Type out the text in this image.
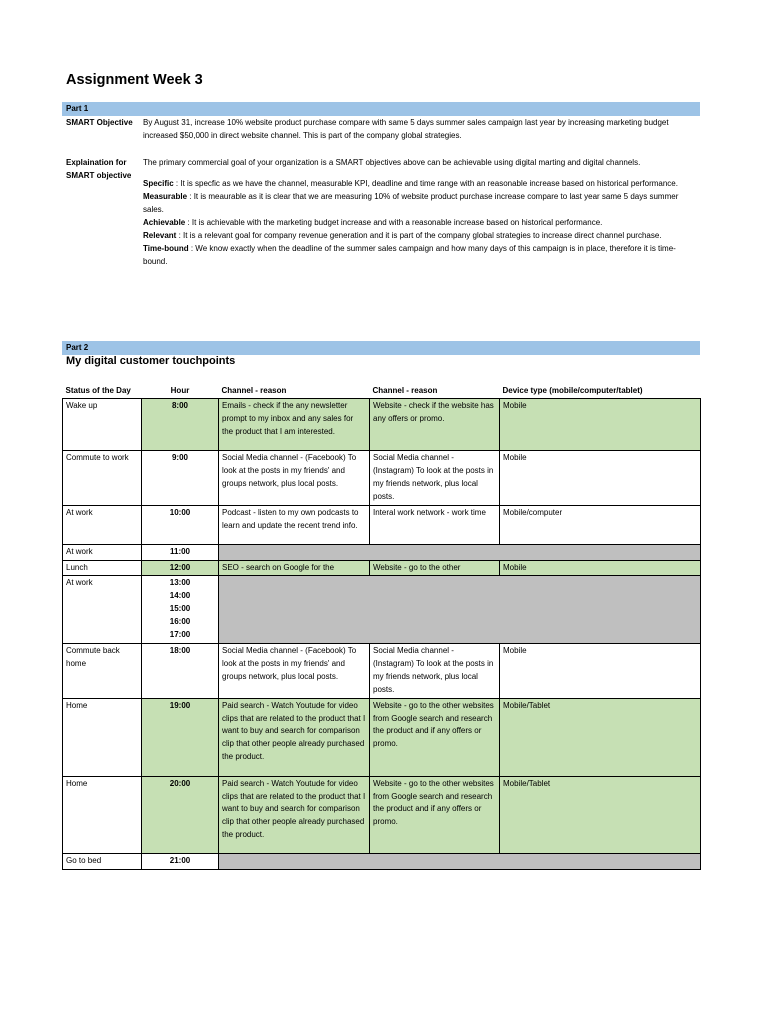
Assignment Week 3
Part 1
SMART Objective	By August 31, increase 10% website product purchase compare with same 5 days summer sales campaign last year by increasing marketing budget increased $50,000 in direct website channel. This is part of the company global strategies.
Explaination for SMART objective

The primary commercial goal of your organization is a SMART objectives above can be achievable using digital marting and digital channels.

Specific : It is specfic as we have the channel, measurable KPI, deadline and time range with an reasonable increase based on historical performance.

Measurable : It is meaurable as it is clear that we are measuring 10% of website product purchase increase compare to last year same 5 days summer sales.

Achievable : It is achievable with the marketing budget increase and with a reasonable increase based on historical performance.

Relevant : It is a relevant goal for company revenue generation and it is part of the company global strategies to increase direct channel purchase.

Time-bound : We know exactly when the deadline of the summer sales campaign and how many days of this campaign is in place, therefore it is time-bound.

Part 2
My digital customer touchpoints
Status of the Day	Hour	Channel - reason	Channel - reason	Device type (mobile/computer/tablet)
Wake up	8:00	Emails - check if the any newsletter prompt to my inbox and any sales for the product that I am interested.	Website - check if the website has any offers or promo.	Mobile
Commute to work	9:00	Social Media channel - (Facebook) To look at the posts in my friends' and groups network, plus local posts.	Social Media channel - (Instagram) To look at the posts in my friends network, plus local posts.	Mobile
At work	10:00	Podcast - listen to my own podcasts to learn and update the recent trend info.	Interal work network - work time	Mobile/computer
At work	11:00			
Lunch	12:00	SEO - search on Google for the	Website - go to the other	Mobile
At work	13:00
14:00
15:00
16:00
17:00			

Commute back home	18:00	Social Media channel - (Facebook) To look at the posts in my friends' and groups network, plus local posts.	Social Media channel - (Instagram) To look at the posts in my friends network, plus local posts.	Mobile
Home	19:00	Paid search - Watch Youtude for video clips that are related to the product that I want to buy and search for comparison clip that other people already purchased the product.	Website - go to the other websites from Google search and research the product and if any offers or promo.	Mobile/Tablet
Home	20:00	Paid search - Watch Youtude for video clips that are related to the product that I want to buy and search for comparison clip that other people already purchased the product.	Website - go to the other websites from Google search and research the product and if any offers or promo.	Mobile/Tablet
Go to bed	21:00			
